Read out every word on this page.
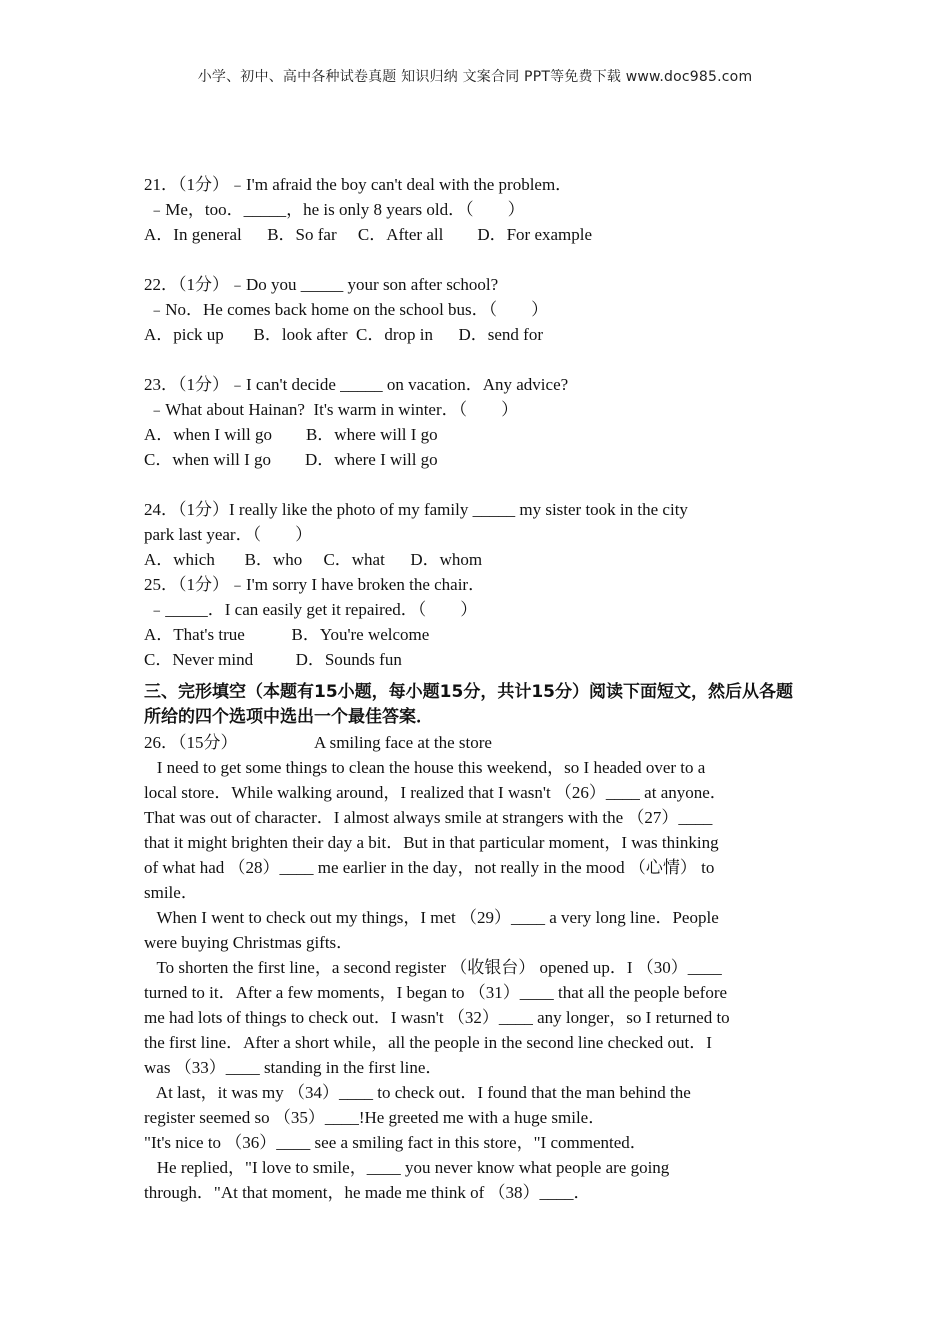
小学、初中、高中各种试卷真题 知识归纳 文案合同 PPT等免费下载 www.doc985.com
21．（1分）﹣I'm afraid the boy can't deal with the problem．
﹣Me，too．_____，he is only 8 years old．（　　）
A．In general      B．So far     C．After all        D．For example
22．（1分）﹣Do you _____ your son after school?
﹣No．He comes back home on the school bus．（　　）
A．pick up       B．look after  C．drop in      D．send for
23．（1分）﹣I can't decide _____ on vacation．Any advice?
﹣What about Hainan?  It's warm in winter．（　　）
A．when I will go        B．where will I go
C．when will I go        D．where I will go
24．（1分）I really like the photo of my family _____ my sister took in the city
park last year．（　　）
A．which       B．who     C．what      D．whom
25．（1分）﹣I'm sorry I have broken the chair．
﹣_____．I can easily get it repaired．（　　）
A．That's true           B．You're welcome
C．Never mind          D．Sounds fun
三、完形填空（本题有15小题，每小题15分，共计15分）阅读下面短文，然后从各题所给的四个选项中选出一个最佳答案．
26．（15分）                  A smiling face at the store
I need to get some things to clean the house this weekend，so I headed over to a
local store．While walking around，I realized that I wasn't （26）____ at anyone．
That was out of character．I almost always smile at strangers with the （27）____
that it might brighten their day a bit．But in that particular moment，I was thinking
of what had （28）____ me earlier in the day，not really in the mood （心情） to
smile．
When I went to check out my things，I met （29）____ a very long line．People
were buying Christmas gifts．
To shorten the first line，a second register （收银台） opened up．I （30）____
turned to it．After a few moments，I began to （31）____ that all the people before
me had lots of things to check out．I wasn't （32）____ any longer，so I returned to
the first line．After a short while，all the people in the second line checked out．I
was （33）____ standing in the first line．
At last，it was my （34）____ to check out．I found that the man behind the
register seemed so （35）____!He greeted me with a huge smile．
"It's nice to （36）____ see a smiling fact in this store，"I commented．
He replied，"I love to smile，____ you never know what people are going
through．"At that moment，he made me think of （38）____．
